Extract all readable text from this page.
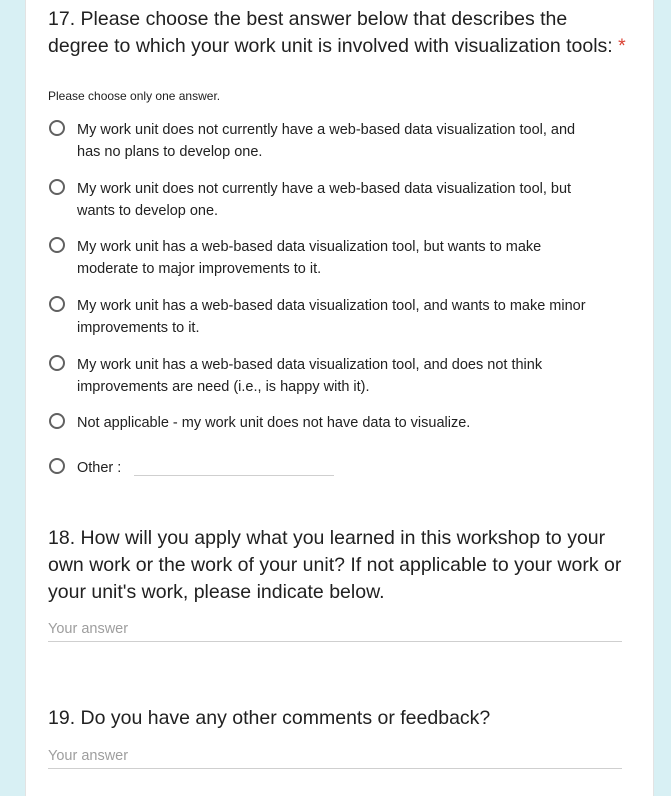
17. Please choose the best answer below that describes the degree to which your work unit is involved with visualization tools: *
Please choose only one answer.
My work unit does not currently have a web-based data visualization tool, and has no plans to develop one.
My work unit does not currently have a web-based data visualization tool, but wants to develop one.
My work unit has a web-based data visualization tool, but wants to make moderate to major improvements to it.
My work unit has a web-based data visualization tool, and wants to make minor improvements to it.
My work unit has a web-based data visualization tool, and does not think improvements are need (i.e., is happy with it).
Not applicable - my work unit does not have data to visualize.
Other :
18. How will you apply what you learned in this workshop to your own work or the work of your unit? If not applicable to your work or your unit's work, please indicate below.
Your answer
19. Do you have any other comments or feedback?
Your answer
